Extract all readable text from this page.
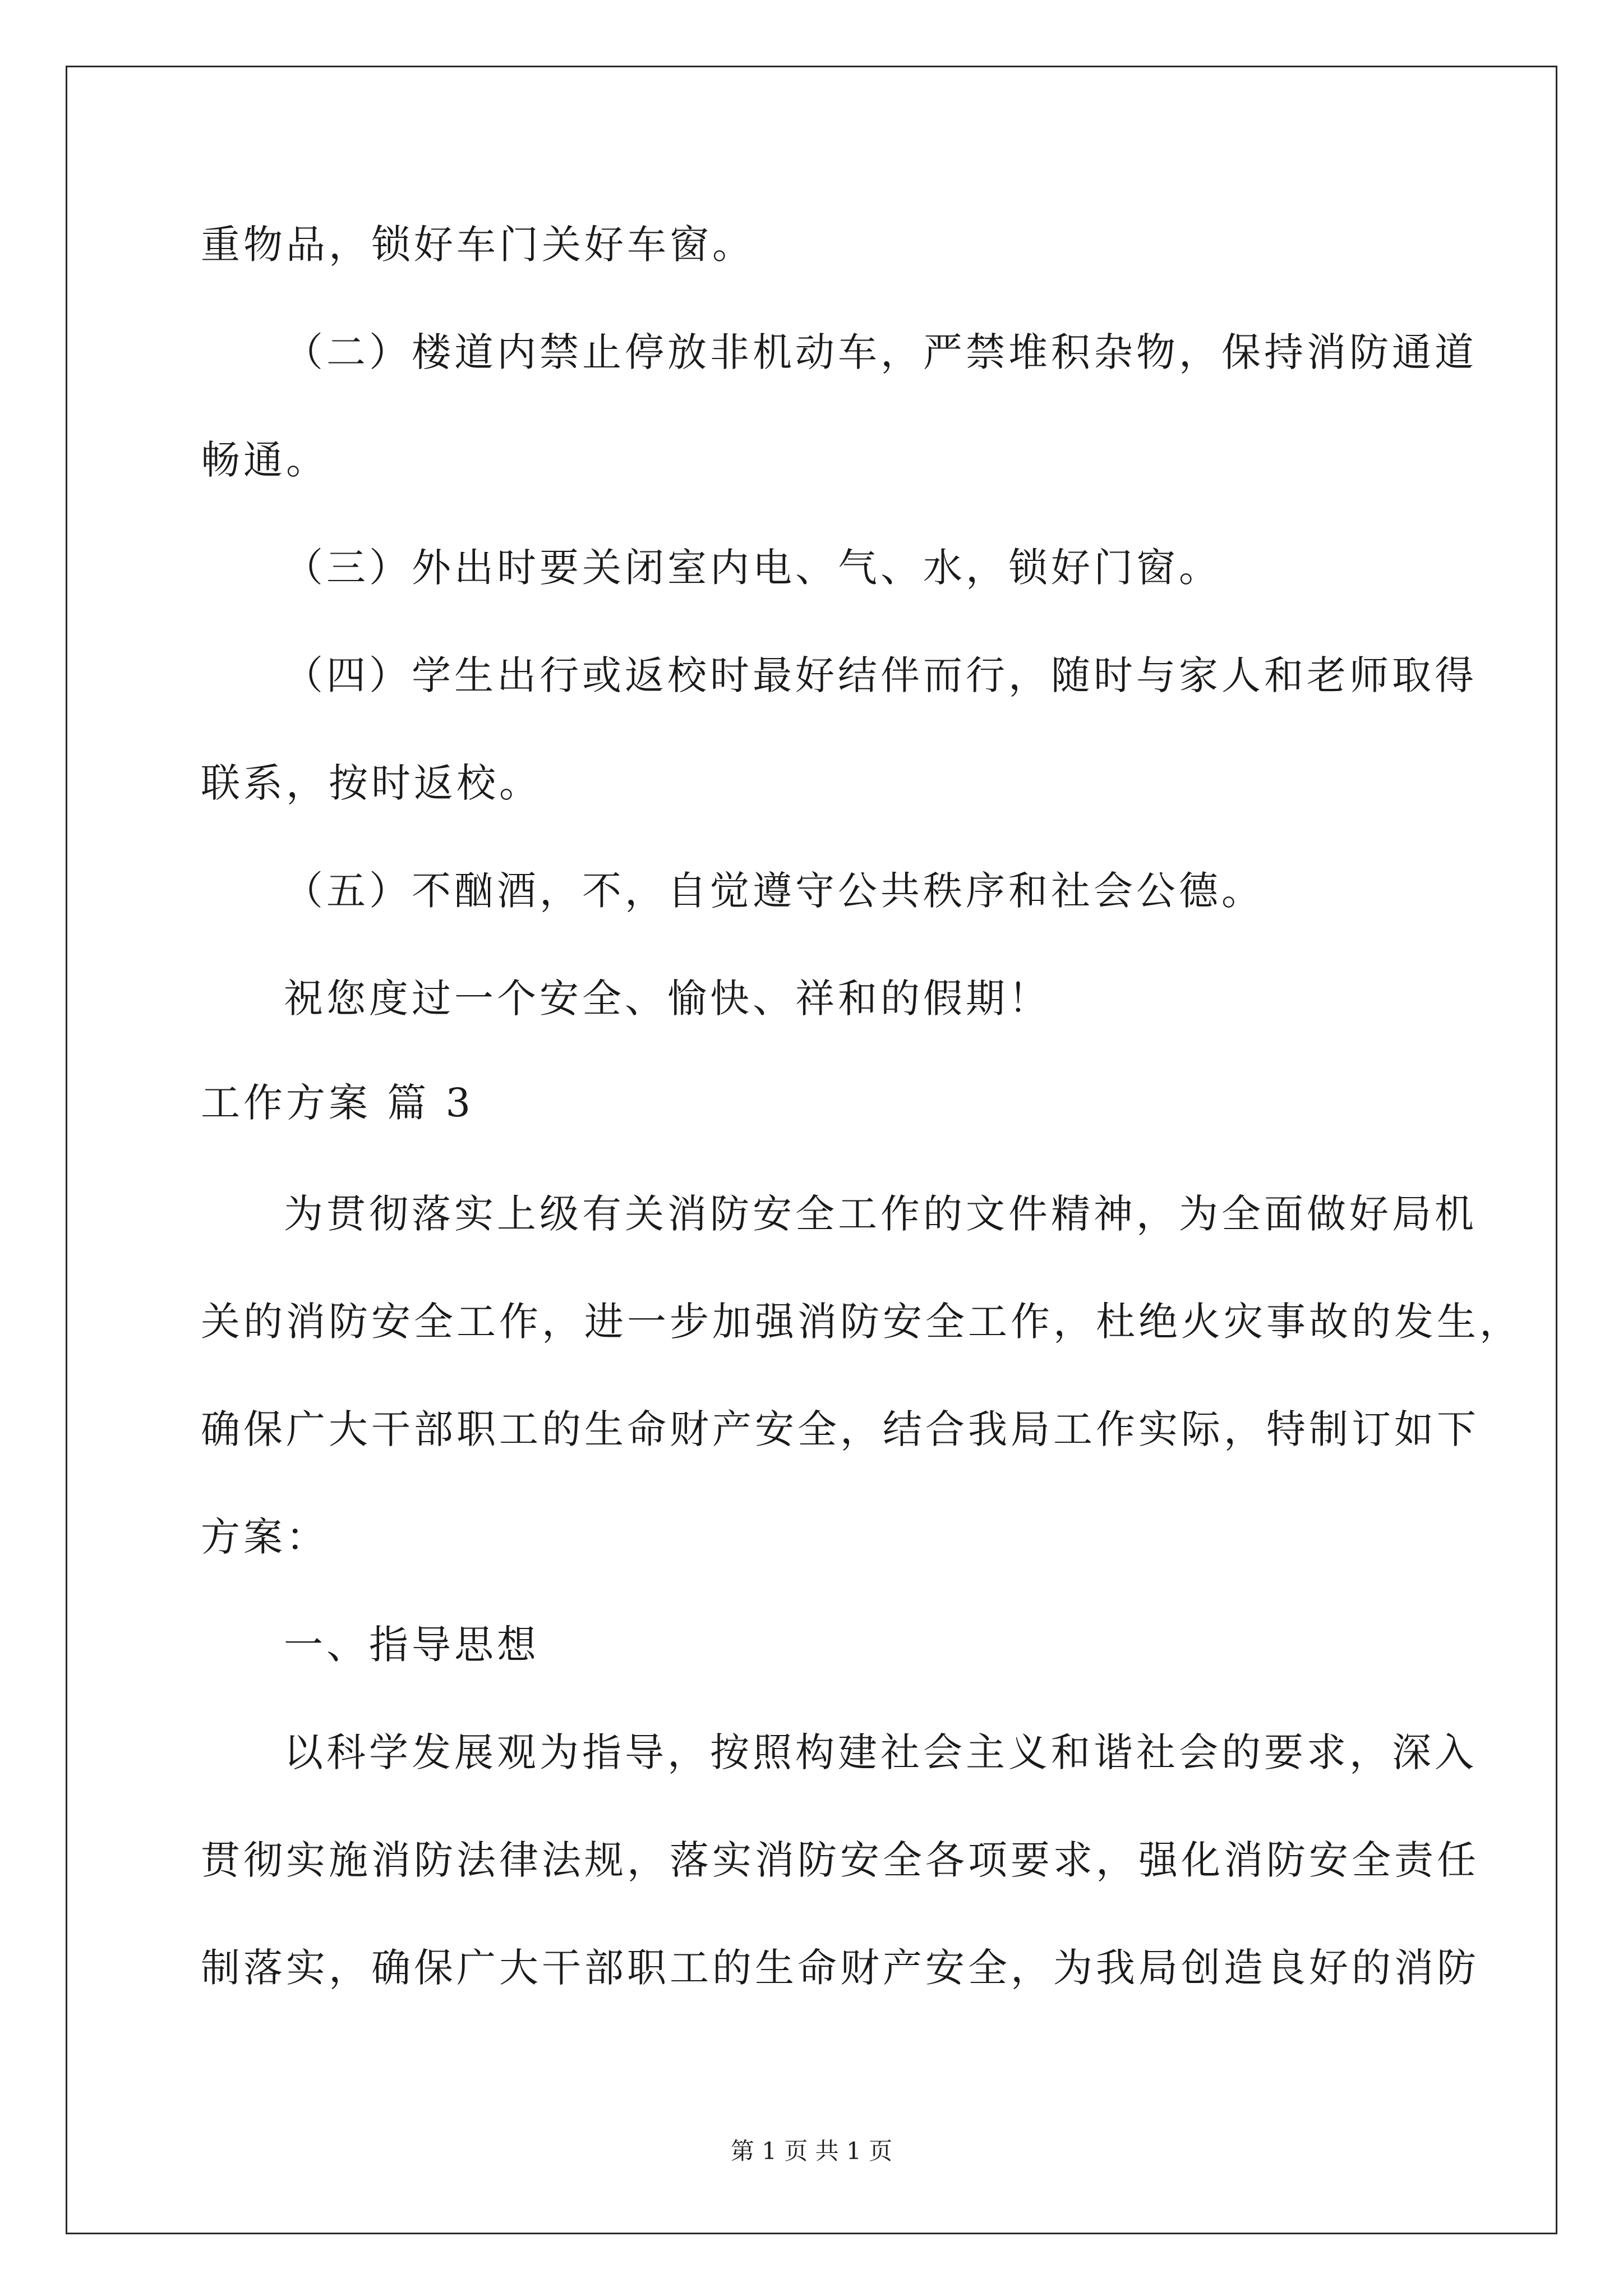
重物品，锁好车门关好车窗。
（二）楼道内禁止停放非机动车，严禁堆积杂物，保持消防通道
畅通。
（三）外出时要关闭室内电、气、水，锁好门窗。
（四）学生出行或返校时最好结伴而行，随时与家人和老师取得
联系，按时返校。
（五）不酗酒，不，自觉遵守公共秩序和社会公德。
祝您度过一个安全、愉快、祥和的假期！
工作方案 篇 3
为贯彻落实上级有关消防安全工作的文件精神，为全面做好局机
关的消防安全工作，进一步加强消防安全工作，杜绝火灾事故的发生，
确保广大干部职工的生命财产安全，结合我局工作实际，特制订如下
方案：
一、指导思想
以科学发展观为指导，按照构建社会主义和谐社会的要求，深入
贯彻实施消防法律法规，落实消防安全各项要求，强化消防安全责任
制落实，确保广大干部职工的生命财产安全，为我局创造良好的消防
第 1 页 共 1 页
